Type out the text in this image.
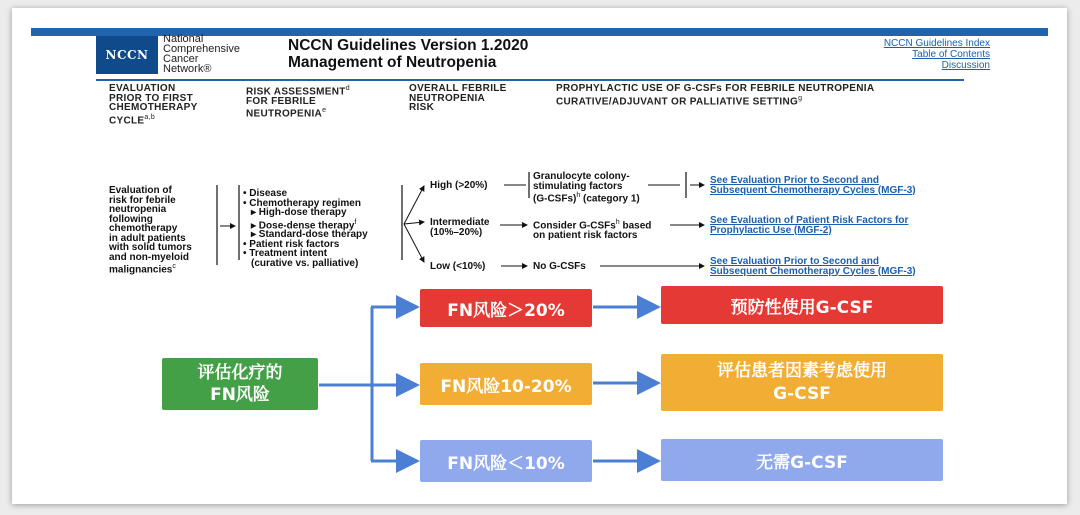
NCCN
National
Comprehensive
Cancer
Network®
NCCN Guidelines Version 1.2020
Management of Neutropenia
NCCN Guidelines Index
Table of Contents
Discussion
EVALUATION
PRIOR TO FIRST
CHEMOTHERAPY
CYCLE$^{a,b}$
RISK ASSESSMENT$^d$
FOR FEBRILE
NEUTROPENIA$^e$
OVERALL FEBRILE
NEUTROPENIA
RISK
PROPHYLACTIC USE OF G-CSFs FOR FEBRILE NEUTROPENIA
CURATIVE/ADJUVANT OR PALLIATIVE SETTING$^g$
Evaluation of
risk for febrile
neutropenia
following
chemotherapy
in adult patients
with solid tumors
and non-myeloid
malignancies$^c$
• Disease
• Chemotherapy regimen
▸ High-dose therapy
▸ Dose-dense therapy$^f$
▸ Standard-dose therapy
• Patient risk factors
• Treatment intent
(curative vs. palliative)
High (>20%)
Intermediate
(10%–20%)
Low (<10%)
Granulocyte colony-
stimulating factors
(G-CSFs)$^h$ (category 1)
Consider G-CSFs$^h$ based
on patient risk factors
No G-CSFs
See Evaluation Prior to Second and
Subsequent Chemotherapy Cycles (MGF-3)
See Evaluation of Patient Risk Factors for
Prophylactic Use (MGF-2)
See Evaluation Prior to Second and
Subsequent Chemotherapy Cycles (MGF-3)
评估化疗的
FN风险
FN风险＞20%
FN风险10-20%
FN风险＜10%
预防性使用G-CSF
评估患者因素考虑使用
G-CSF
无需G-CSF
